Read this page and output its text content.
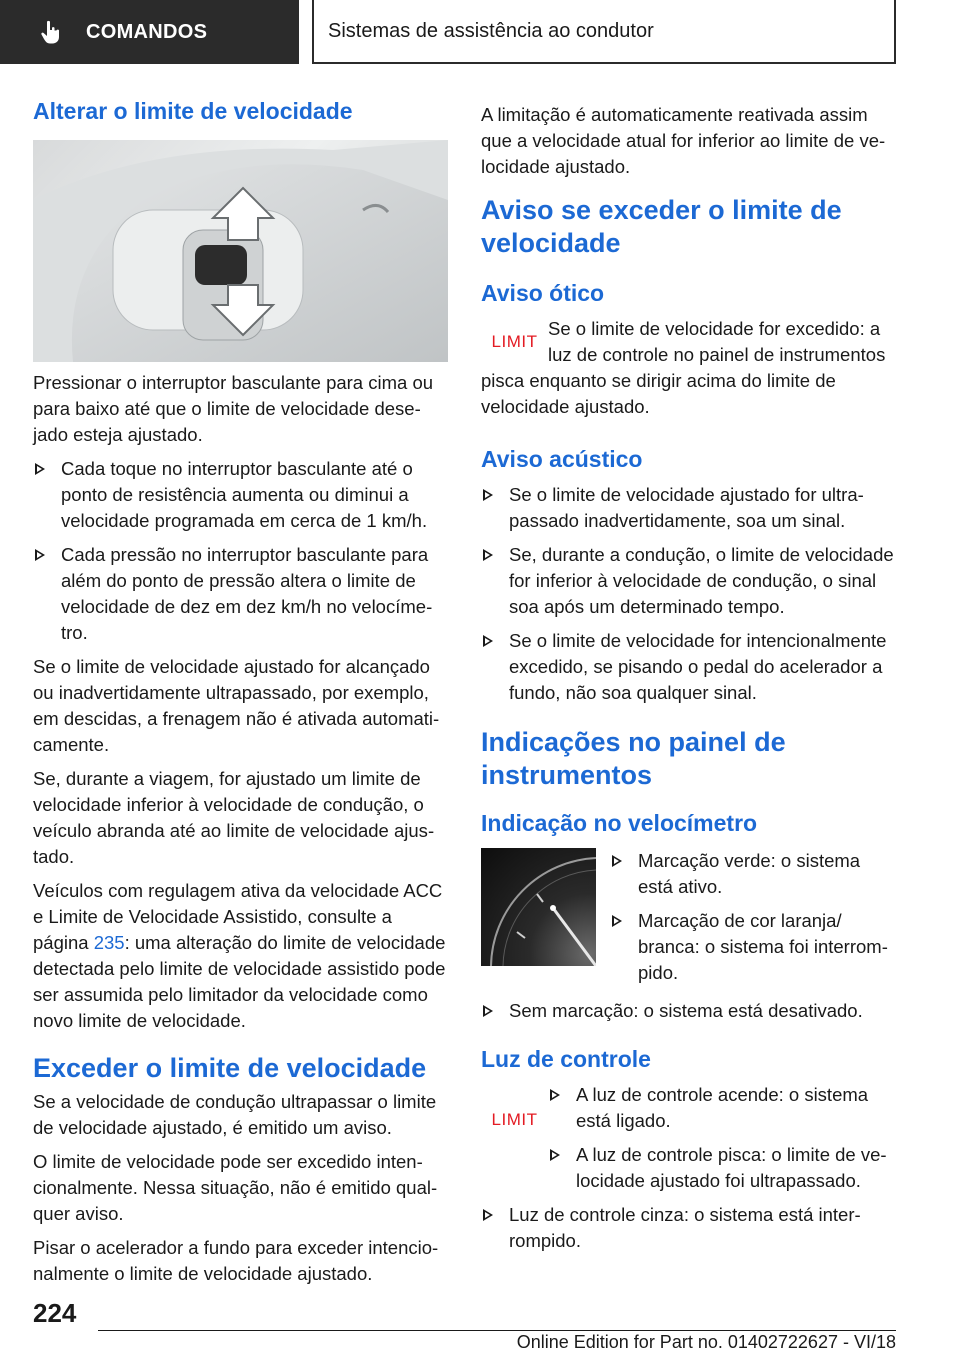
COMANDOS	Sistemas de assistência ao condutor
Alterar o limite de velocidade

Pressionar o interruptor basculante para cima ou para baixo até que o limite de velocidade desejado esteja ajustado.

Cada toque no interruptor basculante até o ponto de resistência aumenta ou diminui a velocidade programada em cerca de 1 km/h.
Cada pressão no interruptor basculante para além do ponto de pressão altera o limite de velocidade de dez em dez km/h no velocímetro.

Se o limite de velocidade ajustado for alcançado ou inadvertidamente ultrapassado, por exemplo, em descidas, a frenagem não é ativada automaticamente.

Se, durante a viagem, for ajustado um limite de velocidade inferior à velocidade de condução, o veículo abranda até ao limite de velocidade ajustado.

Veículos com regulagem ativa da velocidade ACC e Limite de Velocidade Assistido, consulte a página 235: uma alteração do limite de velocidade detectada pelo limite de velocidade assistido pode ser assumida pelo limitador da velocidade como novo limite de velocidade.

Exceder o limite de velocidade

Se a velocidade de condução ultrapassar o limite de velocidade ajustado, é emitido um aviso.

O limite de velocidade pode ser excedido intencionalmente. Nessa situação, não é emitido qualquer aviso.

Pisar o acelerador a fundo para exceder intencionalmente o limite de velocidade ajustado.

A limitação é automaticamente reativada assim que a velocidade atual for inferior ao limite de velocidade ajustado.

Aviso se exceder o limite de velocidade
Aviso ótico
LIMIT

Se o limite de velocidade for excedido: a luz de controle no painel de instrumentos pisca enquanto se dirigir acima do limite de velocidade ajustado.

Aviso acústico
Se o limite de velocidade ajustado for ultrapassado inadvertidamente, soa um sinal.
Se, durante a condução, o limite de velocidade for inferior à velocidade de condução, o sinal soa após um determinado tempo.
Se o limite de velocidade for intencionalmente excedido, se pisando o pedal do acelerador a fundo, não soa qualquer sinal.
Indicações no painel de instrumentos
Indicação no velocímetro
Marcação verde: o sistema está ativo.
Marcação de cor laranja/ branca: o sistema foi interrompido.
Sem marcação: o sistema está desativado.
Luz de controle
LIMIT
A luz de controle acende: o sistema está ligado.
A luz de controle pisca: o limite de velocidade ajustado foi ultrapassado.
Luz de controle cinza: o sistema está interrompido.
224
Online Edition for Part no. 01402722627 - VI/18
